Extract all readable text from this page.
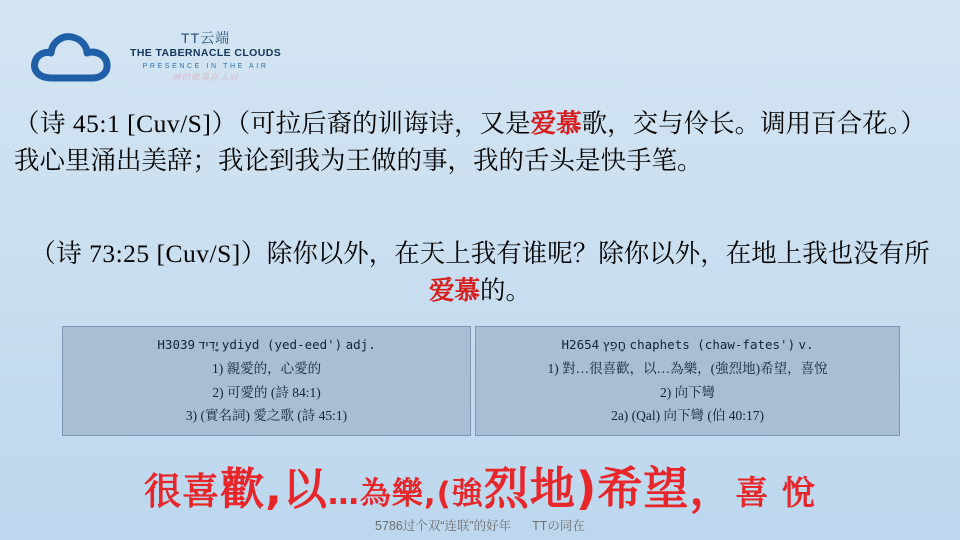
TT云端
THE TABERNACLE CLOUDS
PRESENCE IN THE AIR
神的帐幕在人间
（诗 45:1 [Cuv/S]）（可拉后裔的训诲诗，又是爱慕歌，交与伶长。调用百合花。）我心里涌出美辞；我论到我为王做的事，我的舌头是快手笔。
（诗 73:25 [Cuv/S]）除你以外，在天上我有谁呢？除你以外，在地上我也没有所爱慕的。
H3039 יָדִיד ydiyd (yed-eed') adj.
1) 親愛的，心愛的
2) 可愛的 (詩 84:1)
3) (實名詞) 愛之歌 (詩 45:1)
H2654 חָפֵץ chaphets (chaw-fates') v.
1) 對…很喜歡，以…為樂，(強烈地)希望，喜悅
2) 向下彎
2a) (Qal) 向下彎 (伯 40:17)
很喜歡,以…為樂,(強烈地)希望，喜 悅
5786过个双“连联”的好年 TTの同在
